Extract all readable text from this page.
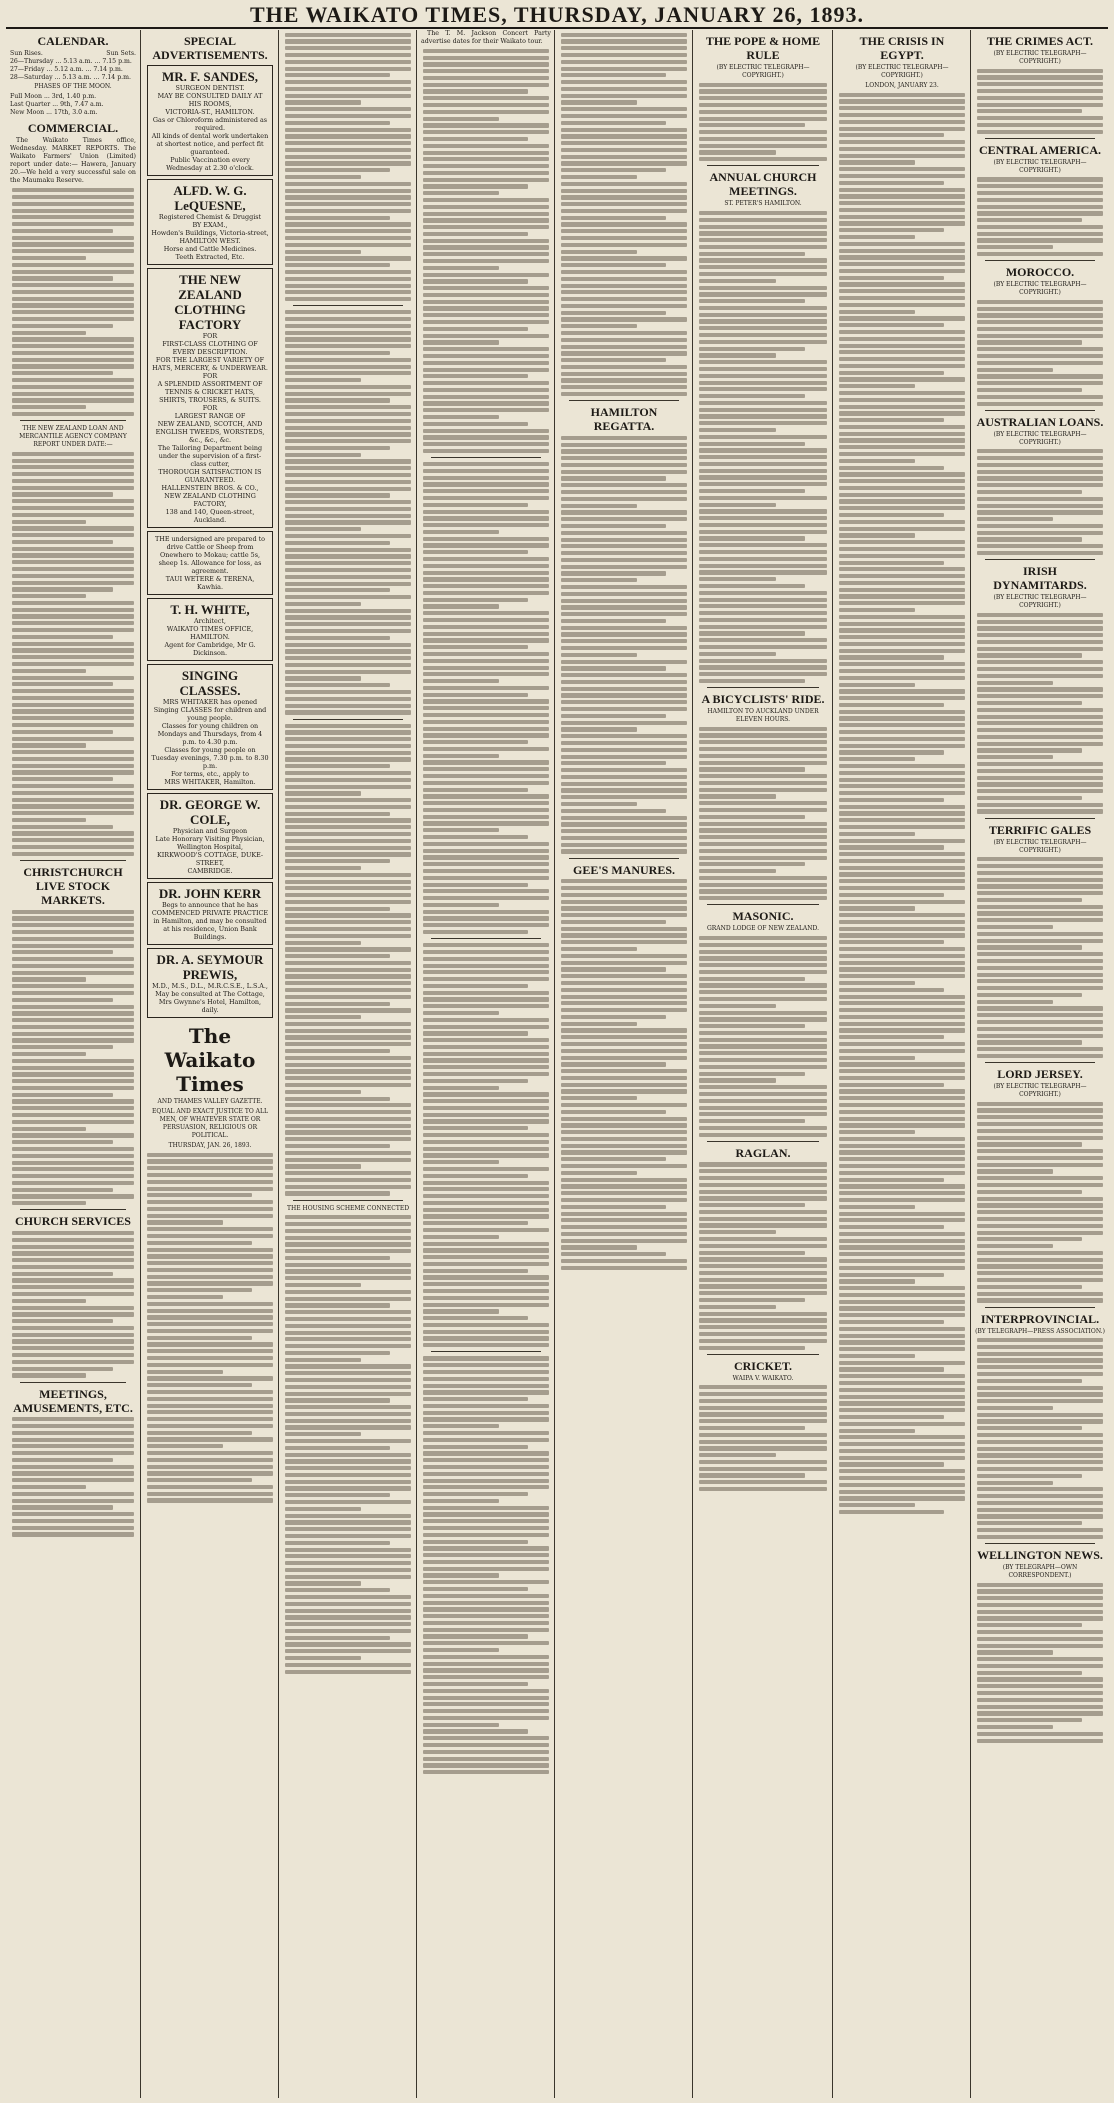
THE WAIKATO TIMES, THURSDAY, JANUARY 26, 1893.
CALENDAR.
Sun Rises.	Sun Sets.
26—Thursday ... 5.13 a.m. ... 7.15 p.m.
27—Friday ... 5.12 a.m. ... 7.14 p.m.
28—Saturday ... 5.13 a.m. ... 7.14 p.m.
PHASES OF THE MOON.
Full Moon ... 3rd, 1.40 p.m.
Last Quarter ... 9th, 7.47 a.m.
New Moon ... 17th, 3.0 a.m.
COMMERCIAL.
The Waikato Times office, Wednesday. MARKET REPORTS. The Waikato Farmers' Union (Limited) report under date:— Hawera, January 20.—We held a very successful sale on the Maumaku Reserve.
THE NEW ZEALAND LOAN AND MERCANTILE AGENCY COMPANY REPORT UNDER DATE:—
CHRISTCHURCH LIVE STOCK MARKETS.
CHURCH SERVICES
MEETINGS, AMUSEMENTS, ETC.
SPECIAL ADVERTISEMENTS.
MR. F. SANDES,
SURGEON DENTIST.
MAY BE CONSULTED DAILY AT HIS ROOMS,
VICTORIA-ST., HAMILTON.
Gas or Chloroform administered as required.
All kinds of dental work undertaken at shortest notice, and perfect fit guaranteed.
Public Vaccination every Wednesday at 2.30 o'clock.
ALFD. W. G. LeQUESNE,
Registered Chemist & Druggist
BY EXAM.,
Howden's Buildings, Victoria-street,
HAMILTON WEST.
Horse and Cattle Medicines.
Teeth Extracted, Etc.
THE NEW ZEALAND CLOTHING FACTORY
FOR
FIRST-CLASS CLOTHING OF EVERY DESCRIPTION.
FOR THE LARGEST VARIETY OF
HATS, MERCERY, & UNDERWEAR.
FOR
A SPLENDID ASSORTMENT OF
TENNIS & CRICKET HATS, SHIRTS, TROUSERS, & SUITS.
FOR
LARGEST RANGE OF
NEW ZEALAND, SCOTCH, AND ENGLISH TWEEDS, WORSTEDS, &c., &c., &c.
The Tailoring Department being under the supervision of a first-class cutter,
THOROUGH SATISFACTION IS GUARANTEED.
HALLENSTEIN BROS. & CO.,
NEW ZEALAND CLOTHING FACTORY,
138 and 140, Queen-street, Auckland.
THE undersigned are prepared to drive Cattle or Sheep from Onewhero to Mokau; cattle 5s, sheep 1s. Allowance for loss, as agreement.
TAUI WETERE & TERENA,
Kawhia.
T. H. WHITE,
Architect,
WAIKATO TIMES OFFICE, HAMILTON.
Agent for Cambridge, Mr G. Dickinson.
SINGING CLASSES.
MRS WHITAKER has opened Singing CLASSES for children and young people.
Classes for young children on Mondays and Thursdays, from 4 p.m. to 4.30 p.m.
Classes for young people on Tuesday evenings, 7.30 p.m. to 8.30 p.m.
For terms, etc., apply to
MRS WHITAKER, Hamilton.
DR. GEORGE W. COLE,
Physician and Surgeon
Late Honorary Visiting Physician, Wellington Hospital,
KIRKWOOD'S COTTAGE, DUKE-STREET,
CAMBRIDGE.
DR. JOHN KERR
Begs to announce that he has COMMENCED PRIVATE PRACTICE in Hamilton, and may be consulted at his residence, Union Bank Buildings.
DR. A. SEYMOUR PREWIS,
M.D., M.S., D.L., M.R.C.S.E., L.S.A.,
May be consulted at The Cottage, Mrs Gwynne's Hotel, Hamilton, daily.
The Waikato Times
AND THAMES VALLEY GAZETTE.
EQUAL AND EXACT JUSTICE TO ALL MEN, OF WHATEVER STATE OR PERSUASION, RELIGIOUS OR POLITICAL.
THURSDAY, JAN. 26, 1893.
THE HOUSING SCHEME CONNECTED
The T. M. Jackson Concert Party advertise dates for their Waikato tour.
HAMILTON REGATTA.
GEE'S MANURES.
THE POPE & HOME RULE
(BY ELECTRIC TELEGRAPH—COPYRIGHT.)
ANNUAL CHURCH MEETINGS.
ST. PETER'S HAMILTON.
A BICYCLISTS' RIDE.
HAMILTON TO AUCKLAND UNDER ELEVEN HOURS.
MASONIC.
GRAND LODGE OF NEW ZEALAND.
RAGLAN.
CRICKET.
WAIPA V. WAIKATO.
THE CRISIS IN EGYPT.
(BY ELECTRIC TELEGRAPH—COPYRIGHT.)
LONDON, JANUARY 23.
THE CRIMES ACT.
(BY ELECTRIC TELEGRAPH—COPYRIGHT.)
CENTRAL AMERICA.
(BY ELECTRIC TELEGRAPH—COPYRIGHT.)
MOROCCO.
(BY ELECTRIC TELEGRAPH—COPYRIGHT.)
AUSTRALIAN LOANS.
(BY ELECTRIC TELEGRAPH—COPYRIGHT.)
IRISH DYNAMITARDS.
(BY ELECTRIC TELEGRAPH—COPYRIGHT.)
TERRIFIC GALES
(BY ELECTRIC TELEGRAPH—COPYRIGHT.)
LORD JERSEY.
(BY ELECTRIC TELEGRAPH—COPYRIGHT.)
INTERPROVINCIAL.
(BY TELEGRAPH—PRESS ASSOCIATION.)
WELLINGTON NEWS.
(BY TELEGRAPH—OWN CORRESPONDENT.)
